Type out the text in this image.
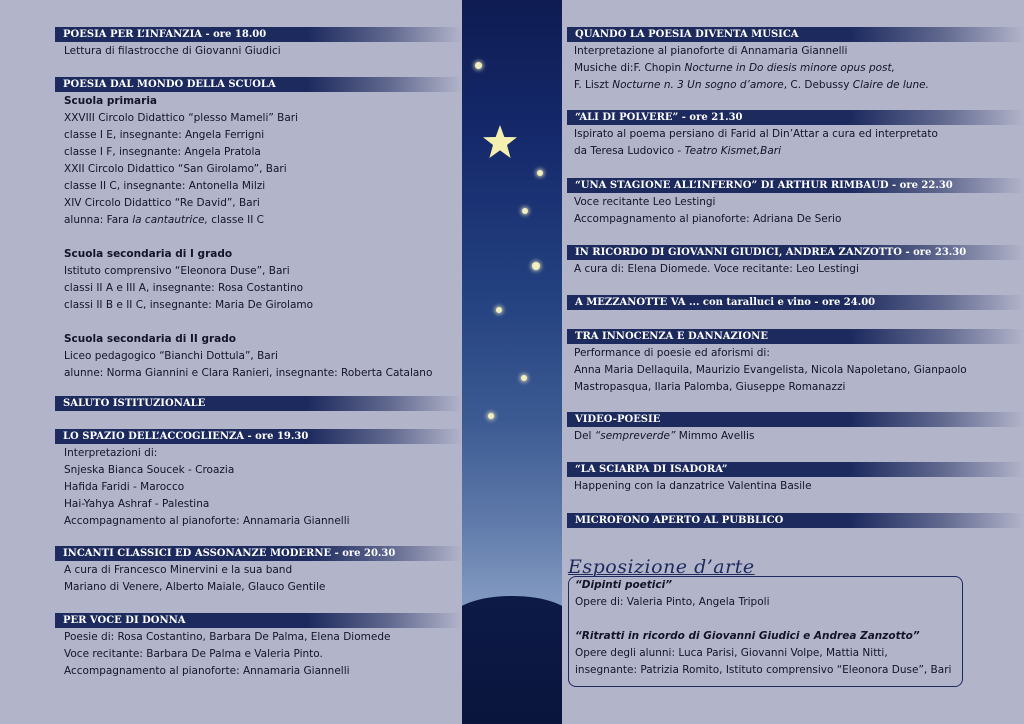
POESIA PER L’INFANZIA - ore 18.00
Lettura di filastrocche di Giovanni Giudici
POESIA DAL MONDO DELLA SCUOLA
Scuola primaria
XXVIII Circolo Didattico “plesso Mameli” Bari
classe I E, insegnante: Angela Ferrigni
classe I F, insegnante: Angela Pratola
XXII Circolo Didattico “San Girolamo”, Bari
classe II C, insegnante: Antonella Milzi
XIV Circolo Didattico “Re David”, Bari
alunna: Fara la cantautrice, classe II C
Scuola secondaria di I grado
Istituto comprensivo “Eleonora Duse”, Bari
classi II A e III A, insegnante: Rosa Costantino
classi II B e II C, insegnante: Maria De Girolamo
Scuola secondaria di II grado
Liceo pedagogico “Bianchi Dottula”, Bari
alunne: Norma Giannini e Clara Ranieri, insegnante: Roberta Catalano
SALUTO ISTITUZIONALE
LO SPAZIO DELL’ACCOGLIENZA - ore 19.30
Interpretazioni di:
Snjeska Bianca Soucek - Croazia
Hafida Faridi - Marocco
Hai-Yahya Ashraf - Palestina
Accompagnamento al pianoforte: Annamaria Giannelli
INCANTI CLASSICI ED ASSONANZE MODERNE - ore 20.30
A cura di Francesco Minervini e la sua band
Mariano di Venere, Alberto Maiale, Glauco Gentile
PER VOCE DI DONNA
Poesie di: Rosa Costantino, Barbara De Palma, Elena Diomede
Voce recitante: Barbara De Palma e Valeria Pinto.
Accompagnamento al pianoforte: Annamaria Giannelli
QUANDO LA POESIA DIVENTA MUSICA
Interpretazione al pianoforte di Annamaria Giannelli
Musiche di:F. Chopin Nocturne in Do diesis minore opus post,
F. Liszt Nocturne n. 3 Un sogno d’amore, C. Debussy Claire de lune.
“ALI DI POLVERE” - ore 21.30
Ispirato al poema persiano di Farid al Din’Attar a cura ed interpretato
da Teresa Ludovico - Teatro Kismet,Bari
“UNA STAGIONE ALL’INFERNO” DI ARTHUR RIMBAUD - ore 22.30
Voce recitante Leo Lestingi
Accompagnamento al pianoforte: Adriana De Serio
IN RICORDO DI GIOVANNI GIUDICI, ANDREA ZANZOTTO - ore 23.30
A cura di: Elena Diomede. Voce recitante: Leo Lestingi
A MEZZANOTTE VA ... con taralluci e vino - ore 24.00
TRA INNOCENZA E DANNAZIONE
Performance di poesie ed aforismi di:
Anna Maria Dellaquila, Maurizio Evangelista, Nicola Napoletano, Gianpaolo
Mastropasqua, Ilaria Palomba, Giuseppe Romanazzi
VIDEO-POESIE
Del “sempreverde” Mimmo Avellis
“LA SCIARPA DI ISADORA”
Happening con la danzatrice Valentina Basile
MICROFONO APERTO AL PUBBLICO
Esposizione d’arte
“Dipinti poetici”
Opere di: Valeria Pinto, Angela Tripoli
“Ritratti in ricordo di Giovanni Giudici e Andrea Zanzotto”
Opere degli alunni: Luca Parisi, Giovanni Volpe, Mattia Nitti,
insegnante: Patrizia Romito, Istituto comprensivo “Eleonora Duse”, Bari
